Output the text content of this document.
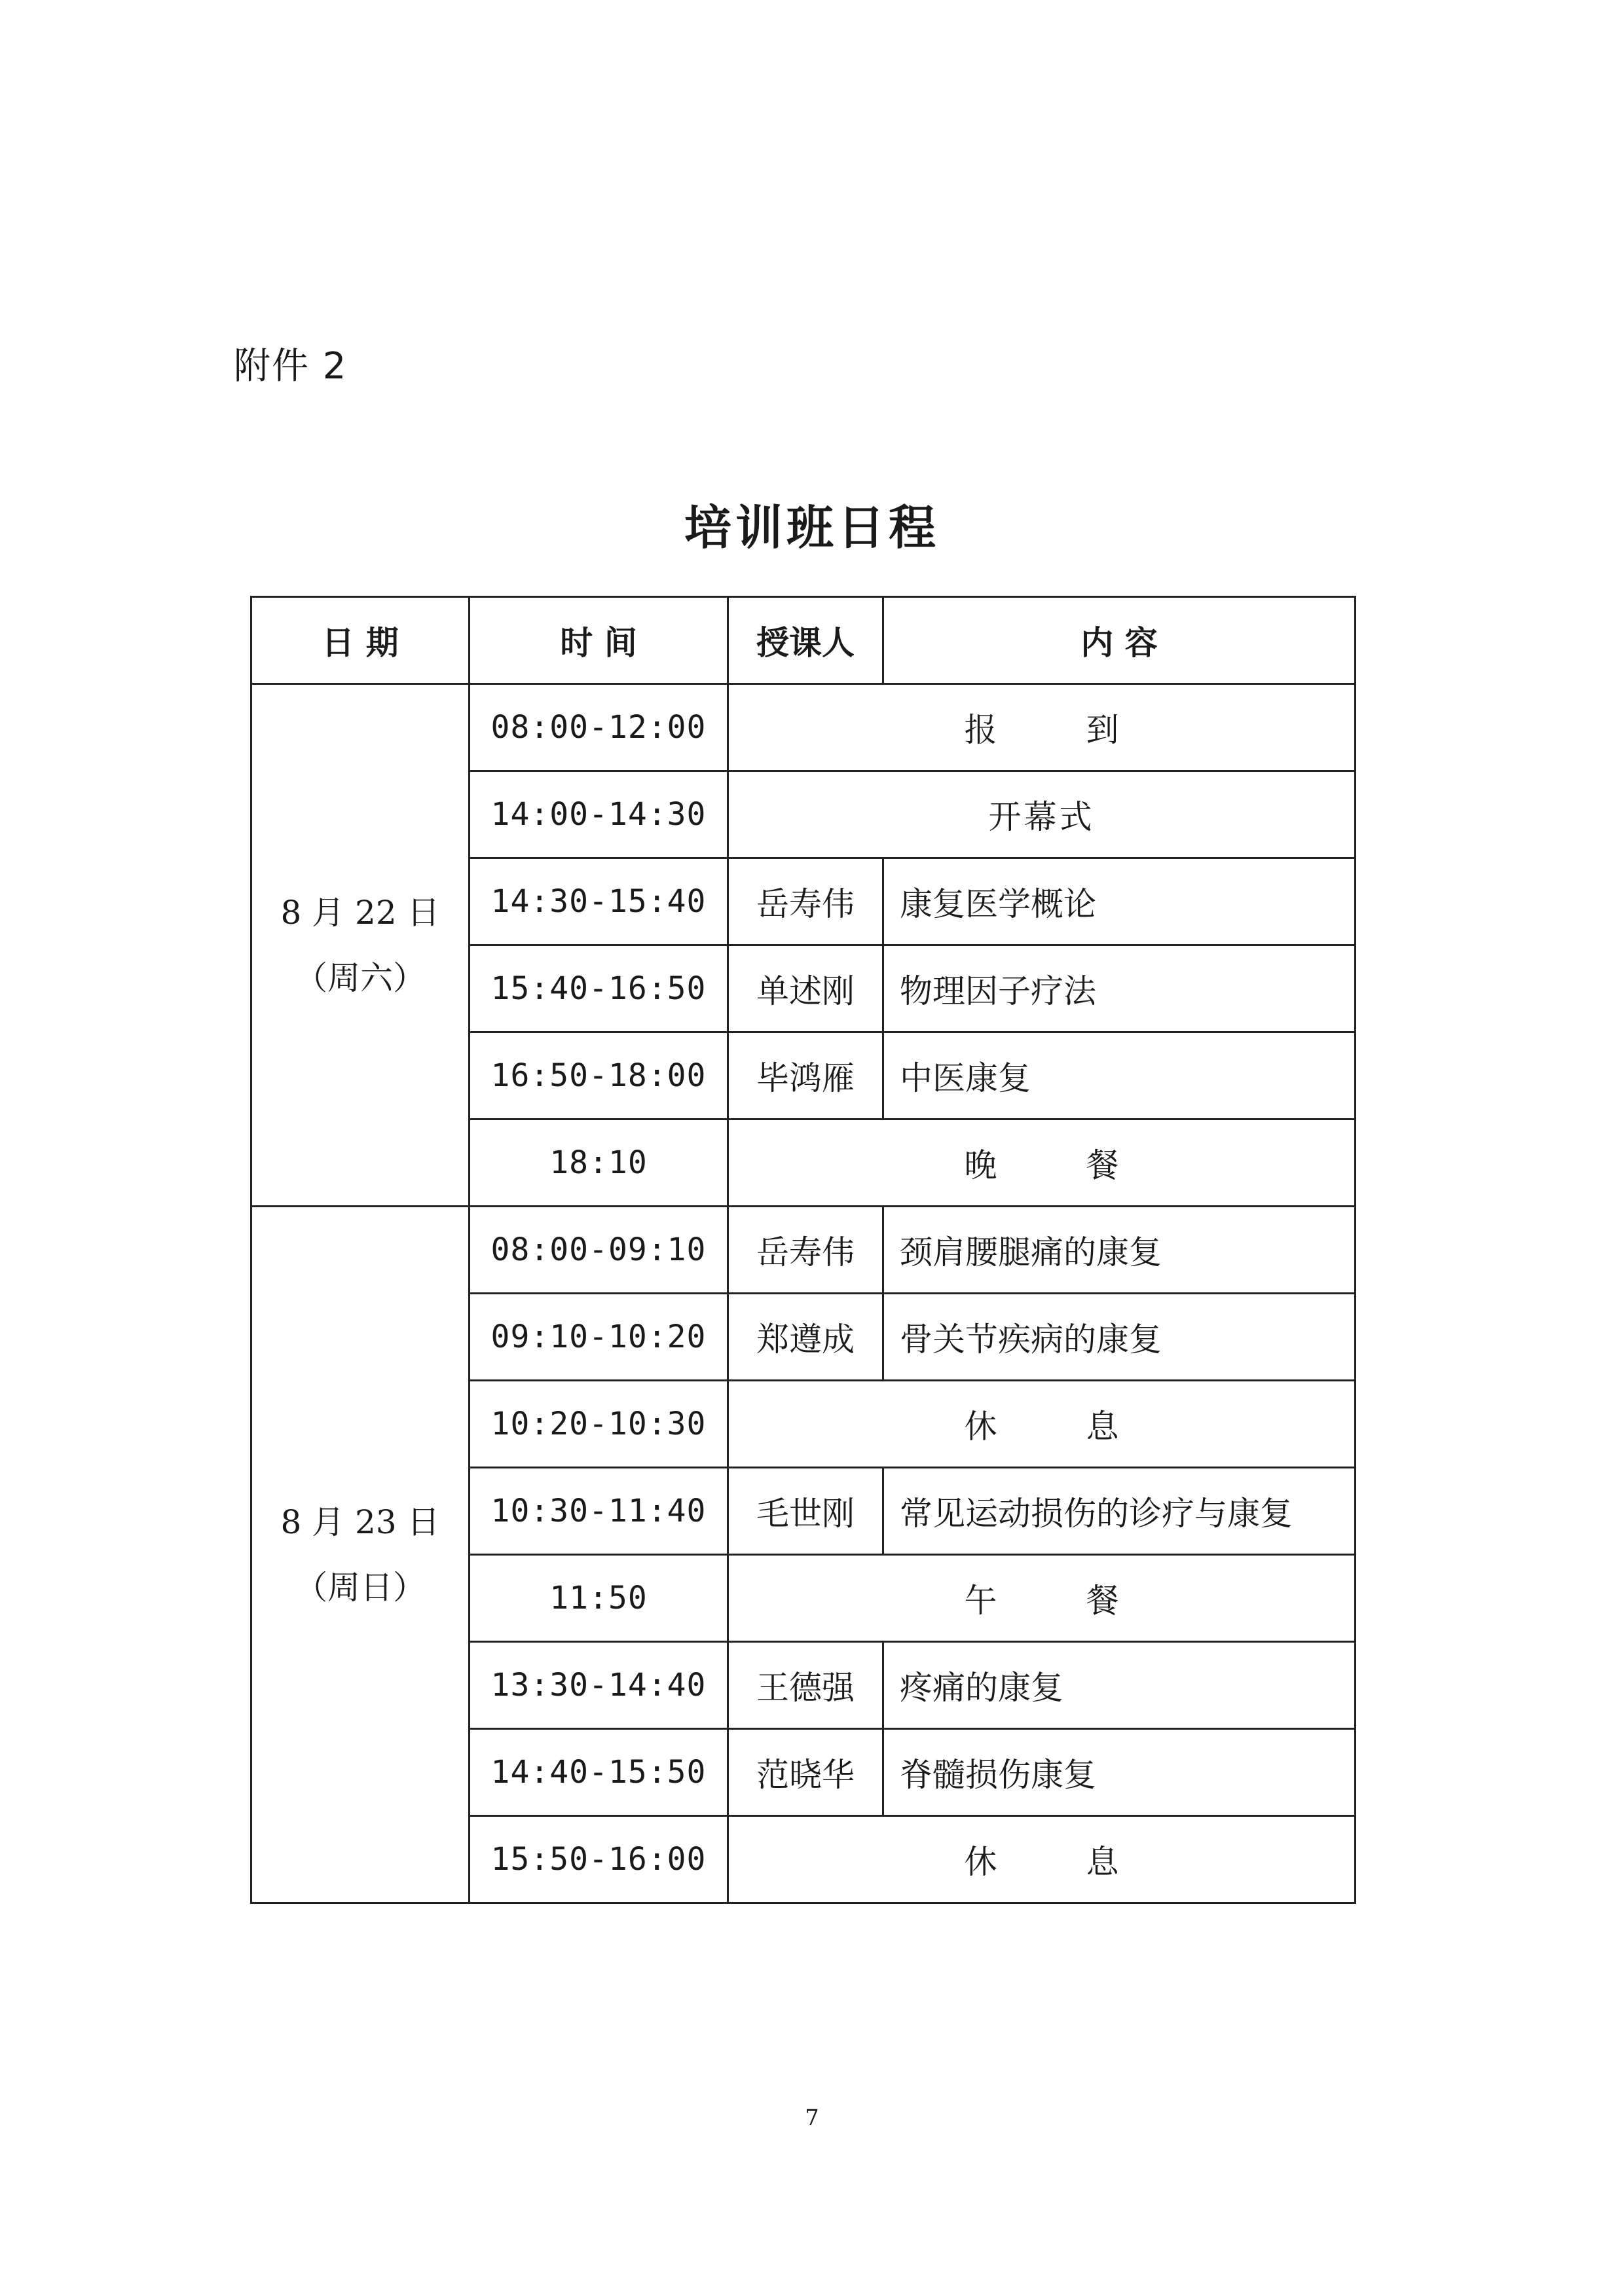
附件 2
培训班日程
日 期	时 间	授课人	内 容

8 月 22 日
（周六）	08:00-12:00	报 到	
	14:00-14:30	开幕式	
	14:30-15:40	岳寿伟	康复医学概论
	15:40-16:50	单述刚	物理因子疗法
	16:50-18:00	毕鸿雁	中医康复
	18:10	晚 餐	

8 月 23 日
（周日）	08:00-09:10	岳寿伟	颈肩腰腿痛的康复
	09:10-10:20	郑遵成	骨关节疾病的康复
	10:20-10:30	休 息	
	10:30-11:40	毛世刚	常见运动损伤的诊疗与康复
	11:50	午 餐	
	13:30-14:40	王德强	疼痛的康复
	14:40-15:50	范晓华	脊髓损伤康复
	15:50-16:00	休 息	
7
